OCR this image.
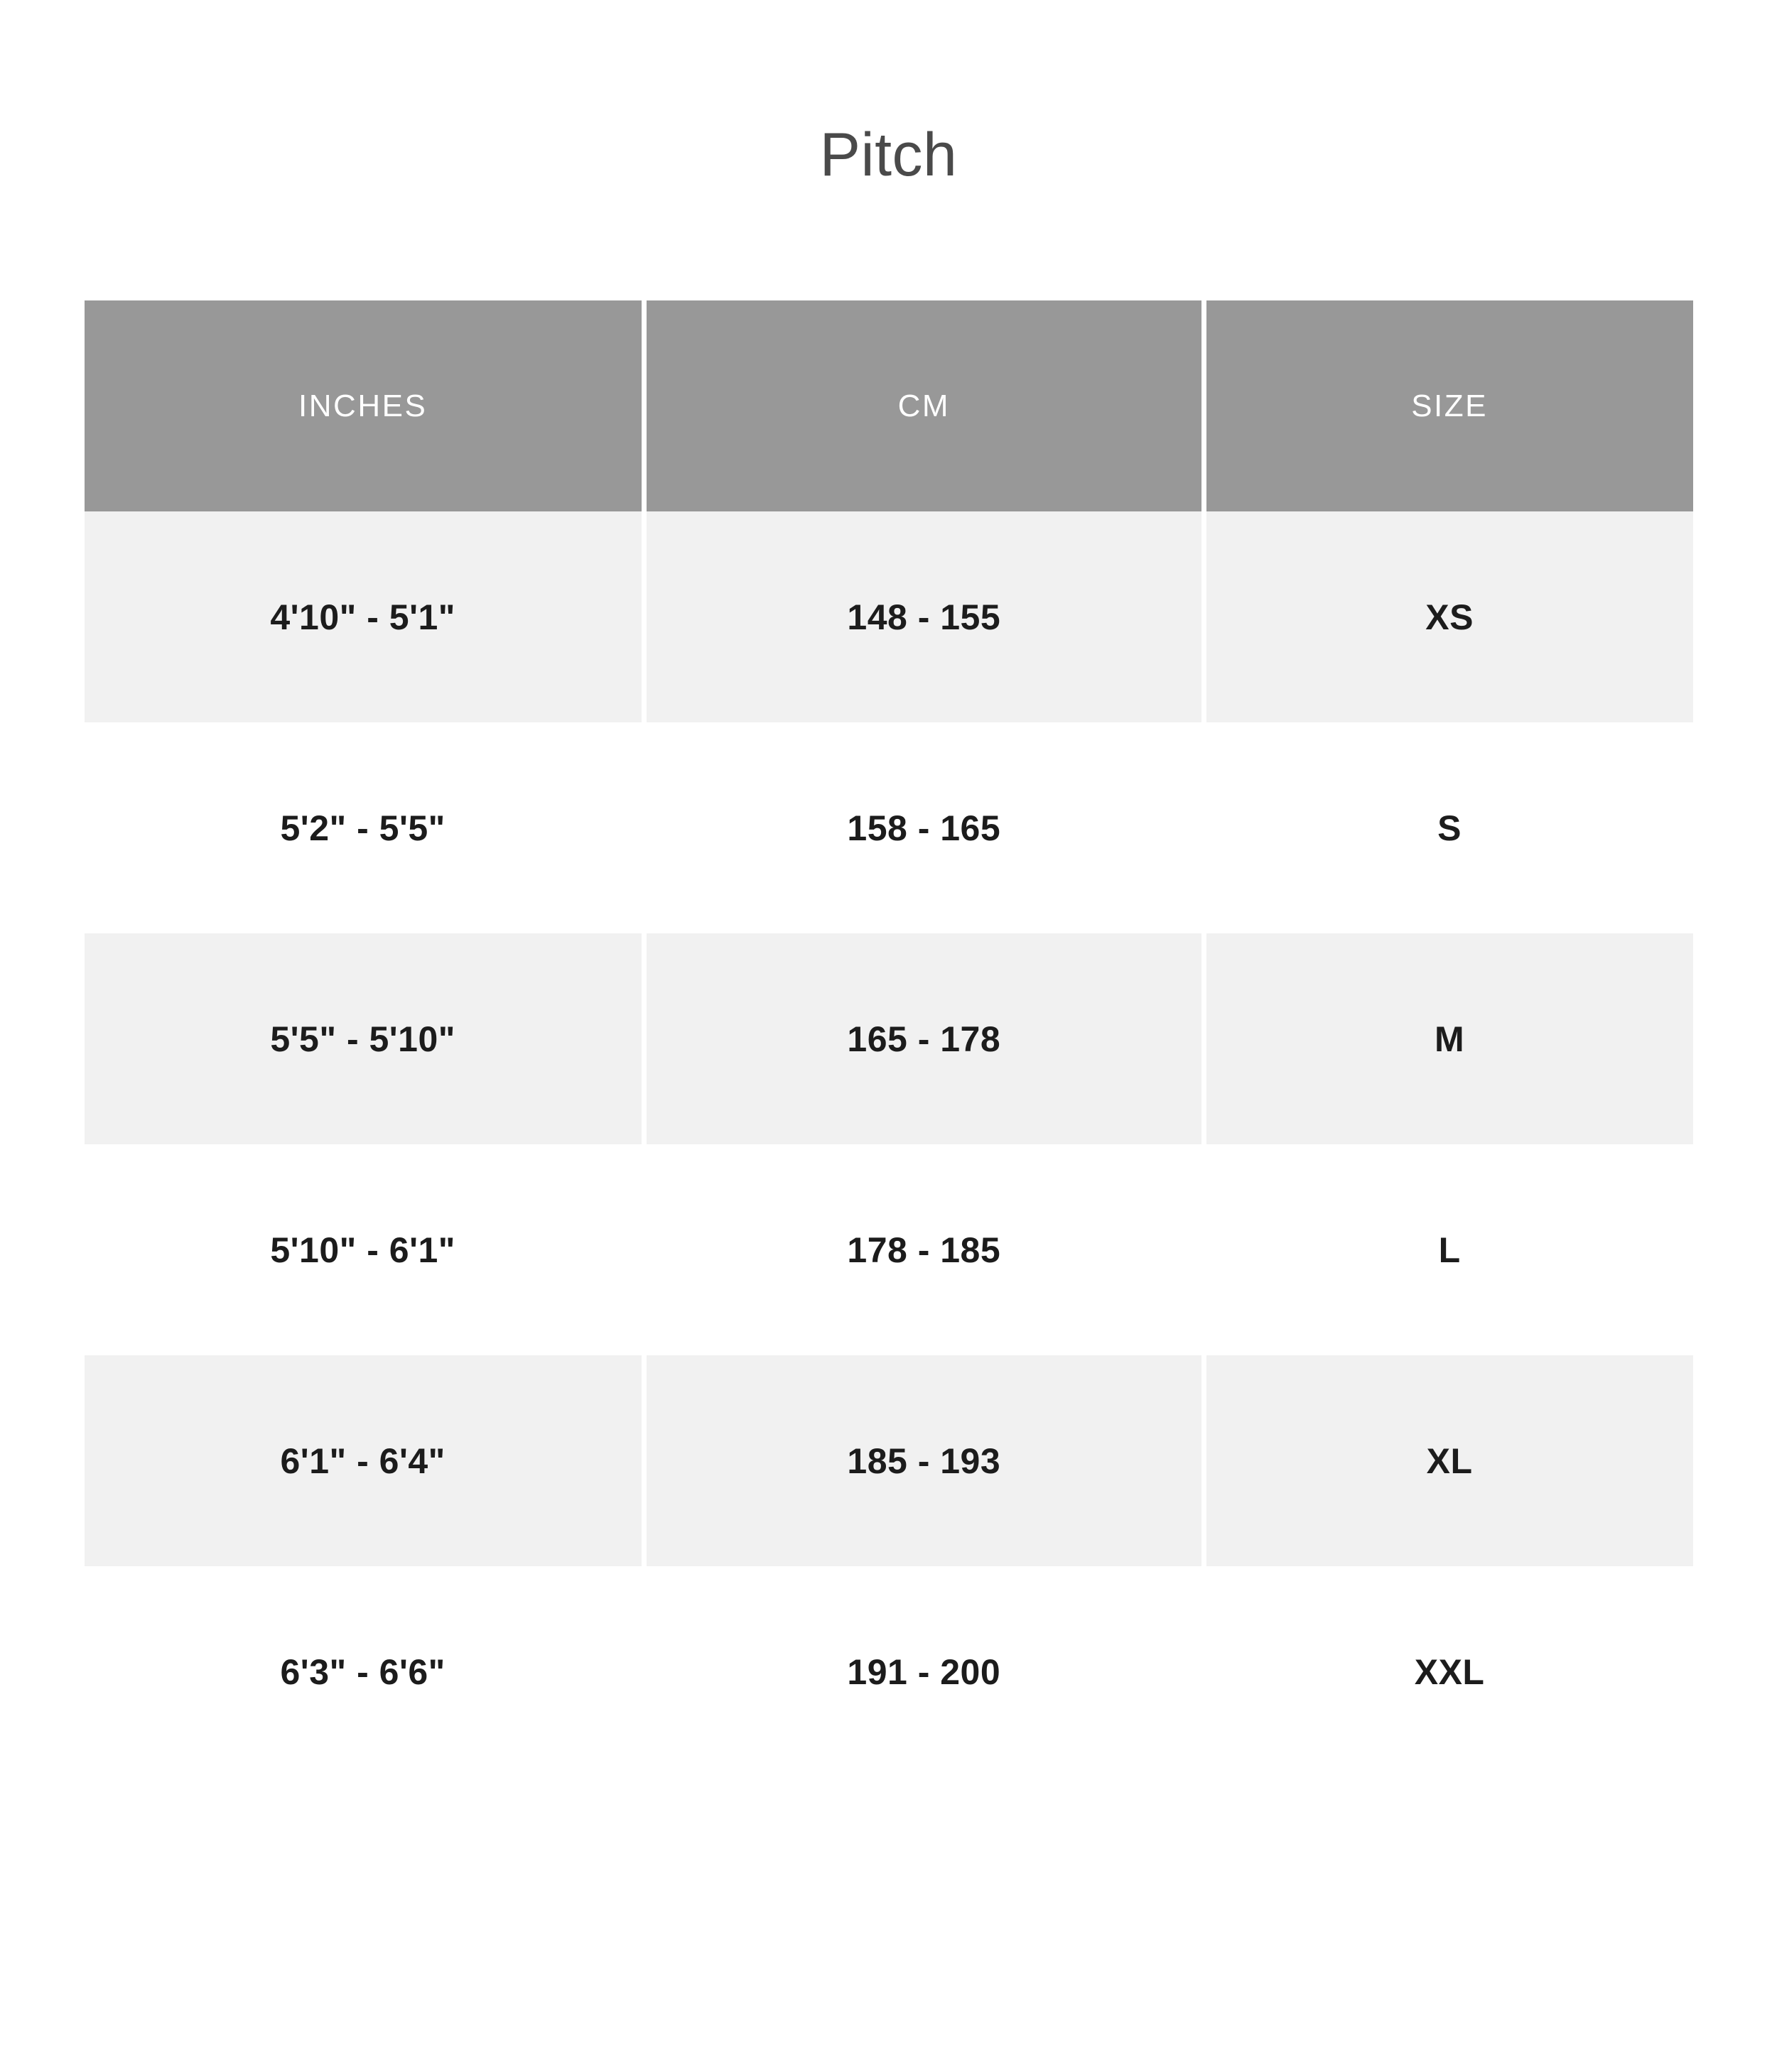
Pitch
INCHES	CM	SIZE
4'10" - 5'1"	148 - 155	XS
5'2" - 5'5"	158 - 165	S
5'5" - 5'10"	165 - 178	M
5'10" - 6'1"	178 - 185	L
6'1" - 6'4"	185 - 193	XL
6'3" - 6'6"	191 - 200	XXL
